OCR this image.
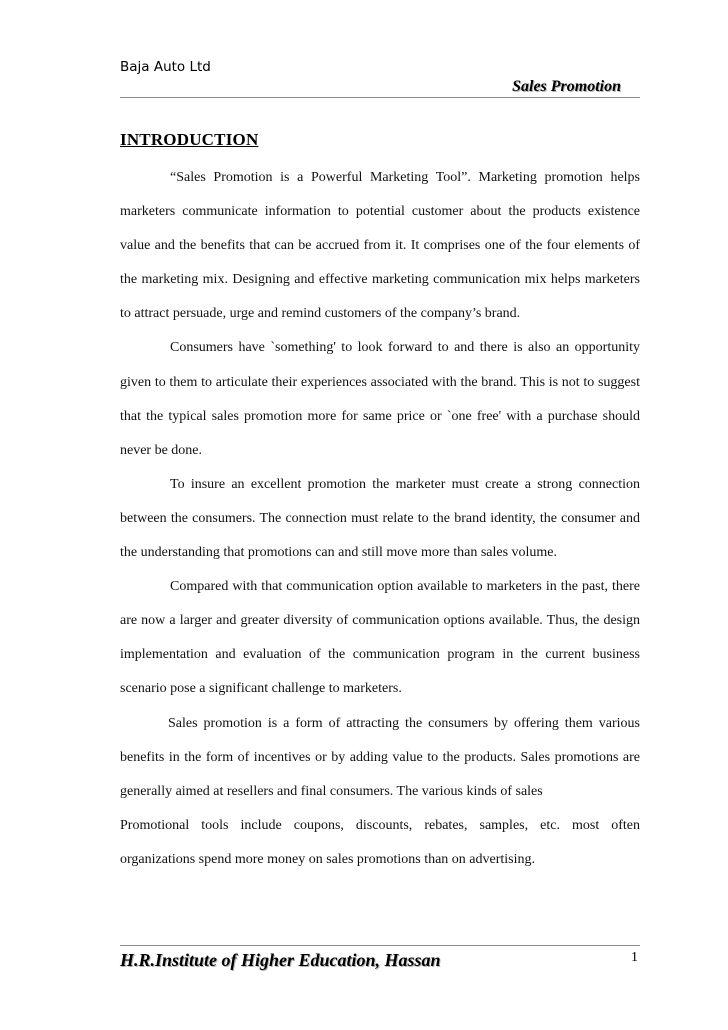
Baja Auto Ltd
Sales Promotion
INTRODUCTION

“Sales Promotion is a Powerful Marketing Tool”. Marketing promotion helps marketers communicate information to potential customer about the products existence value and the benefits that can be accrued from it. It comprises one of the four elements of the marketing mix. Designing and effective marketing communication mix helps marketers to attract persuade, urge and remind customers of the company’s brand.

Consumers have `something' to look forward to and there is also an opportunity given to them to articulate their experiences associated with the brand. This is not to suggest that the typical sales promotion more for same price or `one free' with a purchase should never be done.

To insure an excellent promotion the marketer must create a strong connection between the consumers. The connection must relate to the brand identity, the consumer and the understanding that promotions can and still move more than sales volume.

Compared with that communication option available to marketers in the past, there are now a larger and greater diversity of communication options available. Thus, the design implementation and evaluation of the communication program in the current business scenario pose a significant challenge to marketers.

Sales promotion is a form of attracting the consumers by offering them various benefits in the form of incentives or by adding value to the products. Sales promotions are generally aimed at resellers and final consumers. The various kinds of sales

Promotional tools include coupons, discounts, rebates, samples, etc. most often organizations spend more money on sales promotions than on advertising.

H.R.Institute of Higher Education, Hassan	1
